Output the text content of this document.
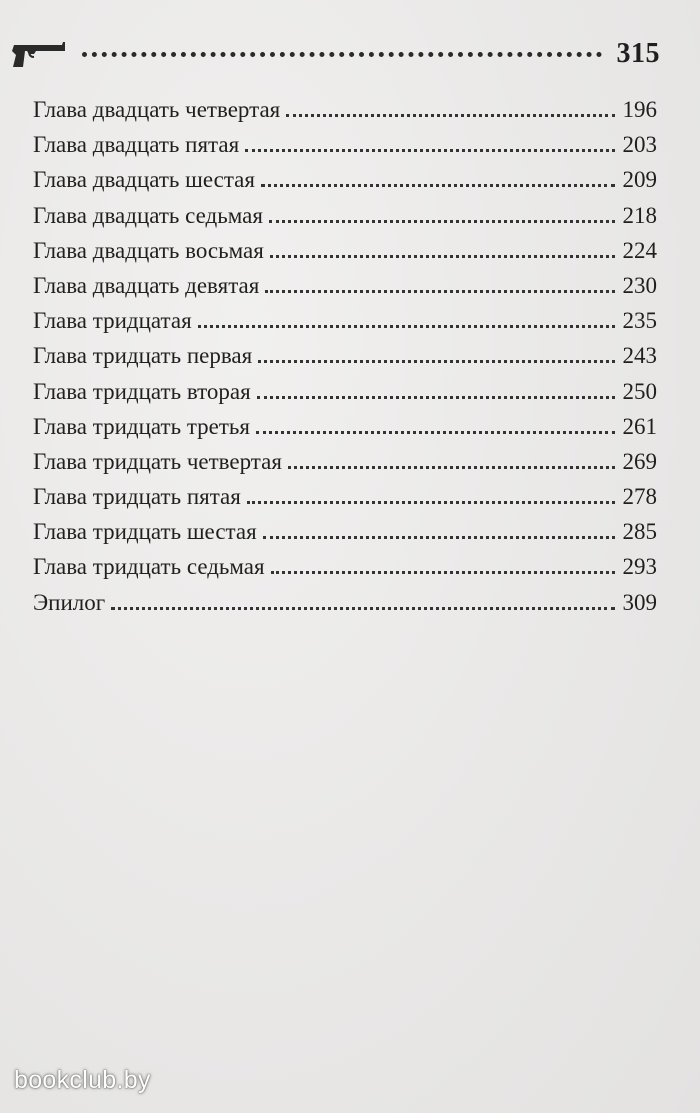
315
Глава двадцать четвертая	196
Глава двадцать пятая	203
Глава двадцать шестая	209
Глава двадцать седьмая	218
Глава двадцать восьмая	224
Глава двадцать девятая	230
Глава тридцатая	235
Глава тридцать первая	243
Глава тридцать вторая	250
Глава тридцать третья	261
Глава тридцать четвертая	269
Глава тридцать пятая	278
Глава тридцать шестая	285
Глава тридцать седьмая	293
Эпилог	309
bookclub.by
